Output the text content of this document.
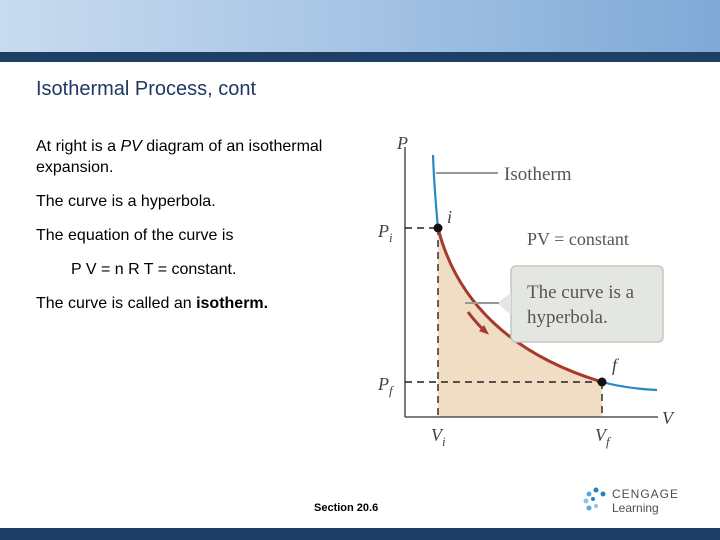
Isothermal Process, cont

At right is a PV diagram of an isothermal expansion.

The curve is a hyperbola.

The equation of the curve is

P V = n R T = constant.

The curve is called an isotherm.

P
V
Isotherm
i
f
$P_i$
$P_f$
$V_i$	$V_f$
PV = constant
The curve is a
hyperbola.
Section 20.6
CENGAGE
Learning
